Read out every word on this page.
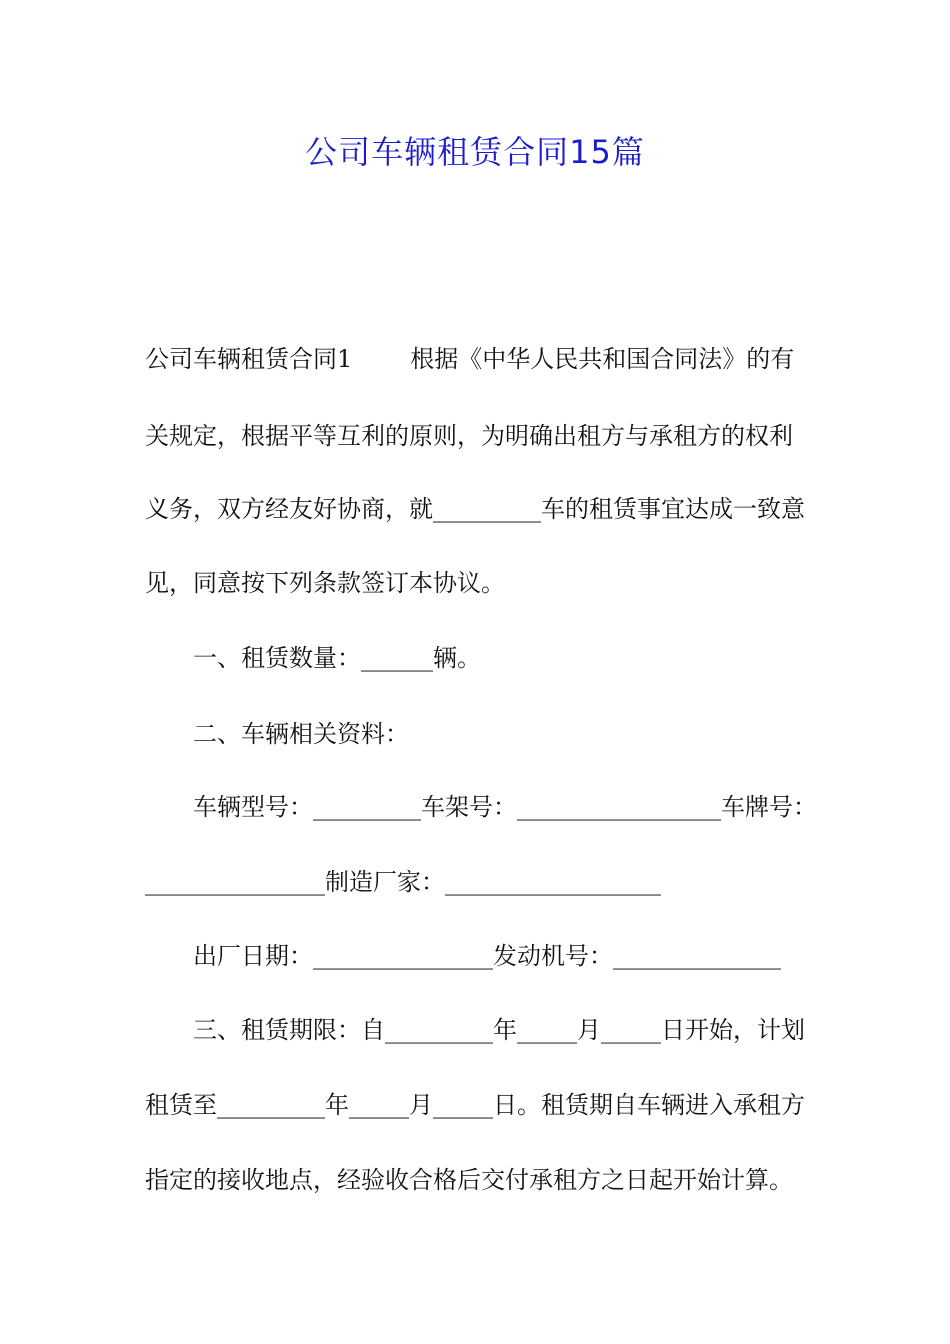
公司车辆租赁合同15篇

公司车辆租赁合同1 根据《中华人民共和国合同法》的有

关规定，根据平等互利的原则，为明确出租方与承租方的权利

义务，双方经友好协商，就_________车的租赁事宜达成一致意

见，同意按下列条款签订本协议。

一、租赁数量：______辆。

二、车辆相关资料：

车辆型号：_________车架号：_________________车牌号：

_______________制造厂家：__________________

出厂日期：_______________发动机号：______________

三、租赁期限：自_________年_____月_____日开始，计划

租赁至_________年_____月_____日。租赁期自车辆进入承租方

指定的接收地点，经验收合格后交付承租方之日起开始计算。
